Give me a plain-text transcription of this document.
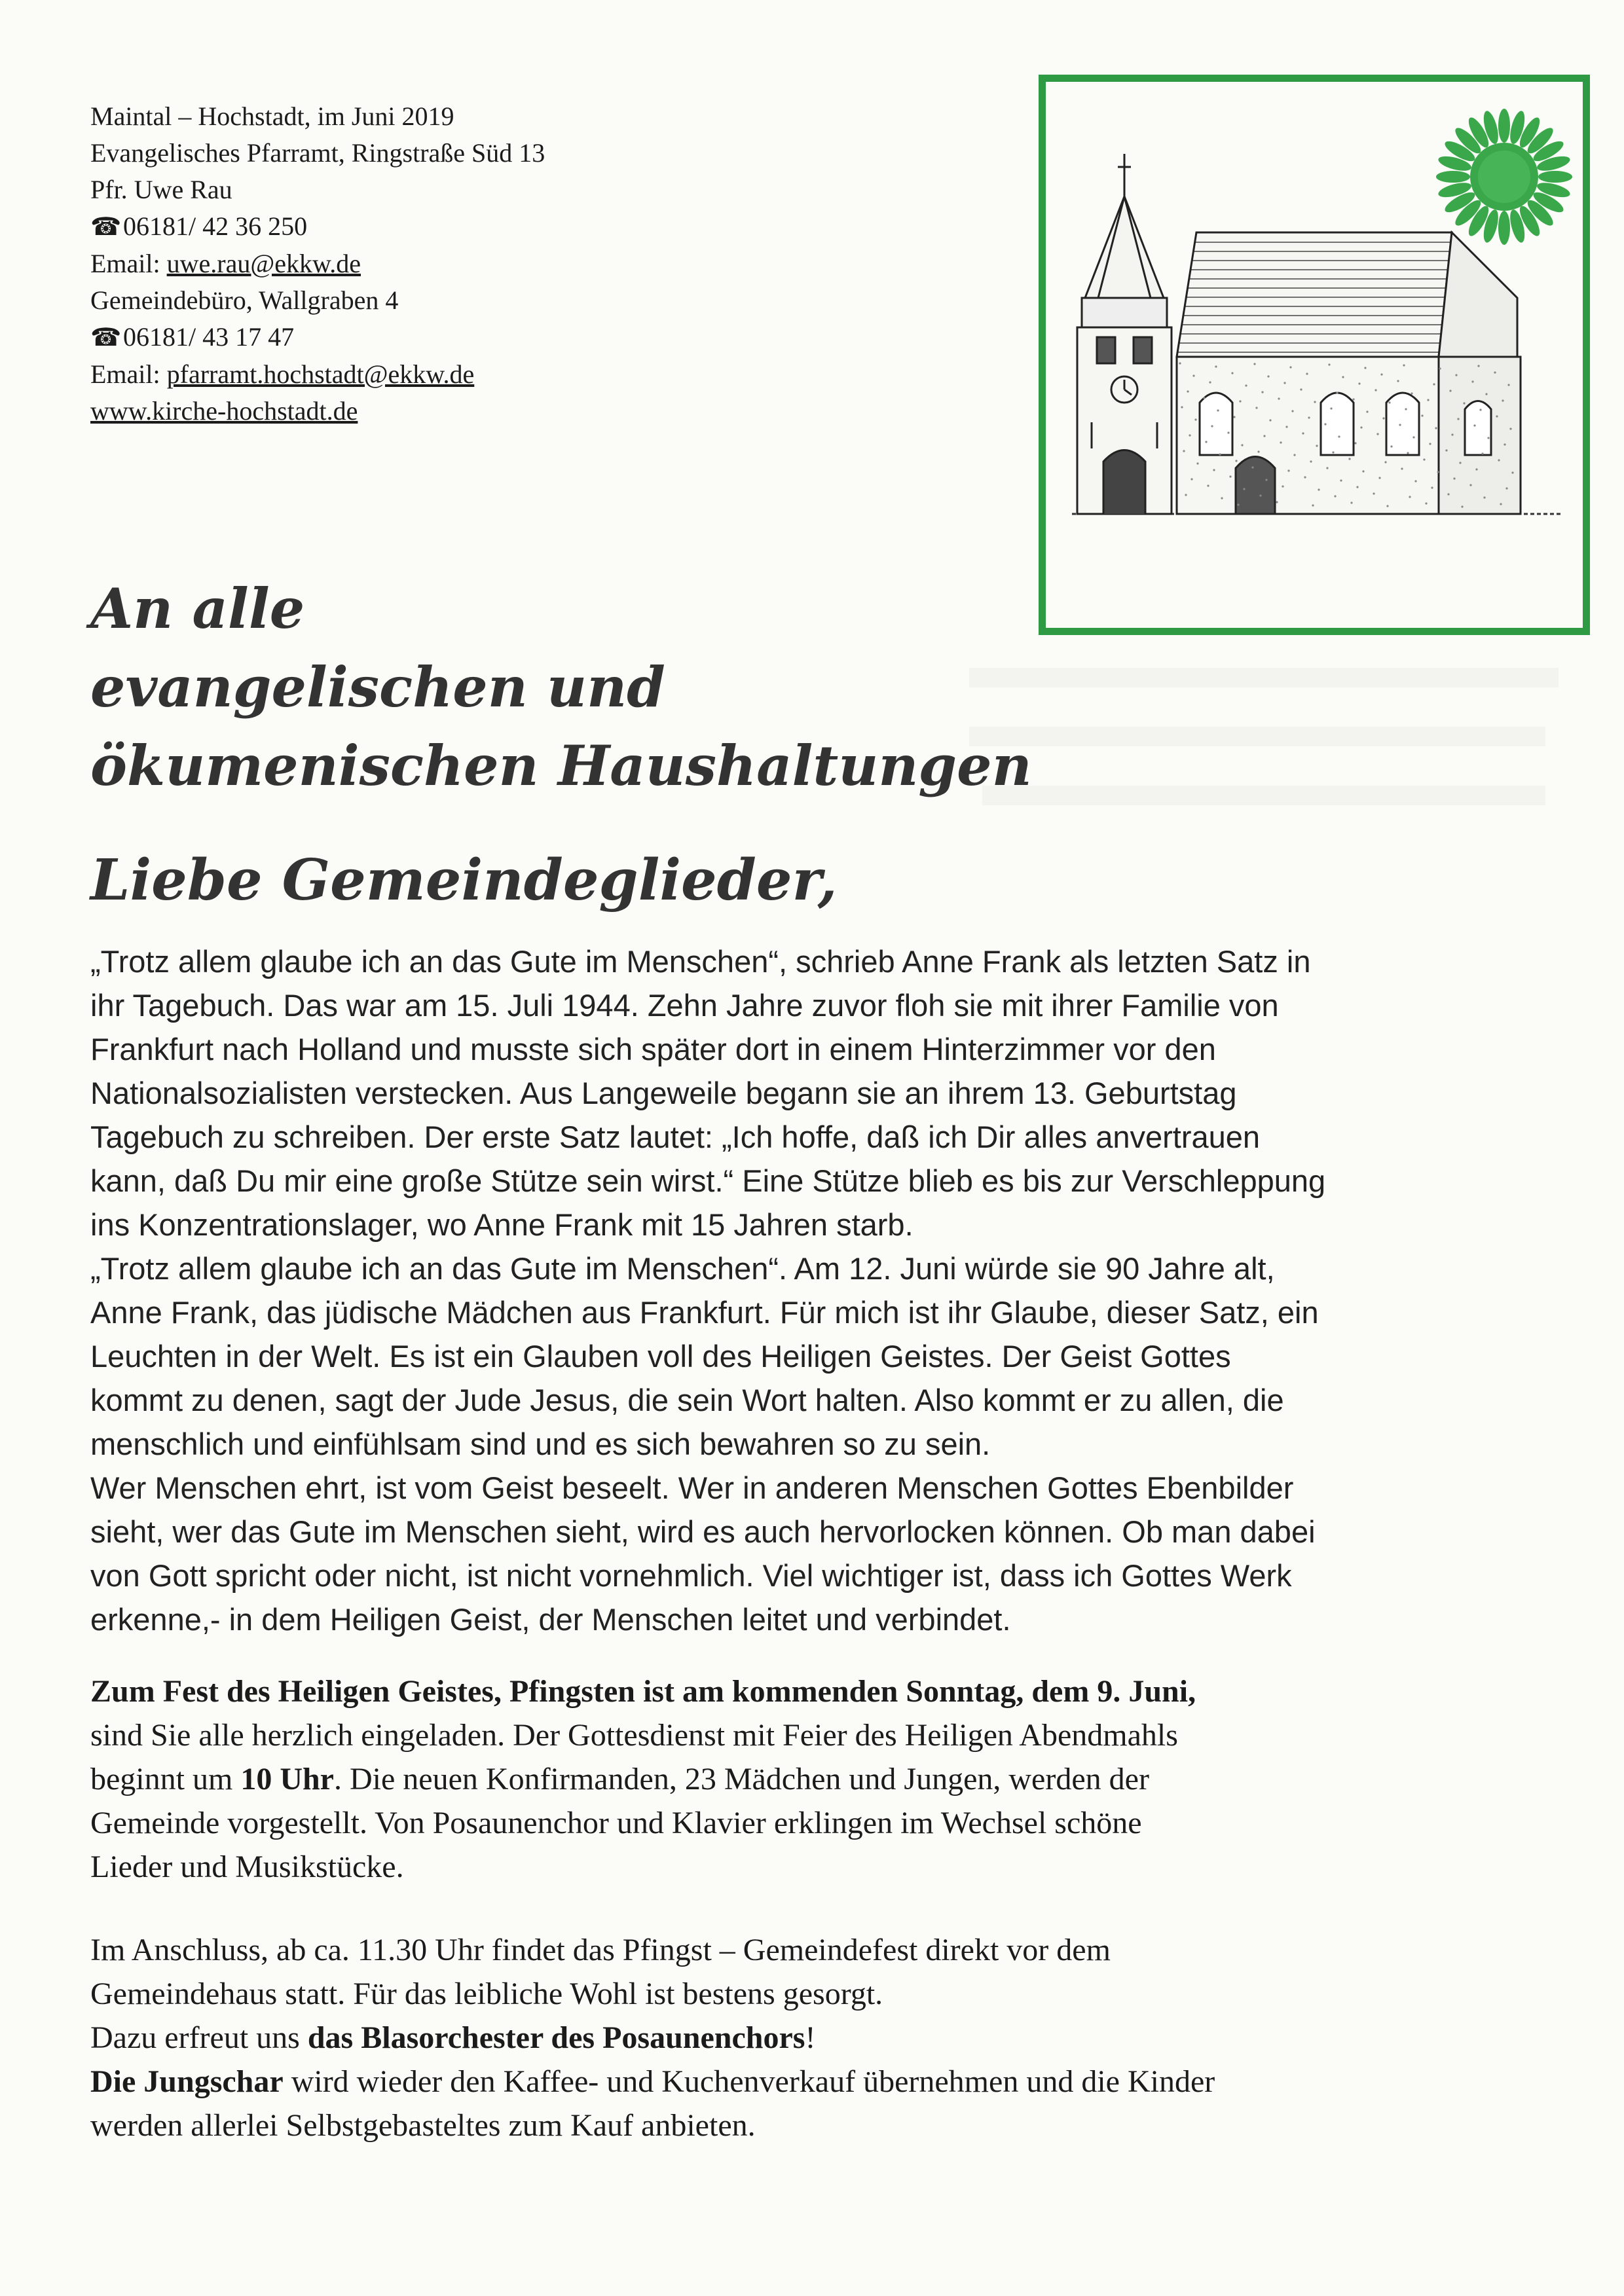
Maintal – Hochstadt, im Juni 2019
Evangelisches Pfarramt, Ringstraße Süd 13
Pfr. Uwe Rau
☎06181/ 42 36 250
Email: uwe.rau@ekkw.de
Gemeindebüro, Wallgraben 4
☎06181/ 43 17 47
Email: pfarramt.hochstadt@ekkw.de
www.kirche-hochstadt.de
An alle
evangelischen und
ökumenischen Haushaltungen
Liebe Gemeindeglieder,

„Trotz allem glaube ich an das Gute im Menschen“, schrieb Anne Frank als letzten Satz in

ihr Tagebuch. Das war am 15. Juli 1944. Zehn Jahre zuvor floh sie mit ihrer Familie von

Frankfurt nach Holland und musste sich später dort in einem Hinterzimmer vor den

Nationalsozialisten verstecken. Aus Langeweile begann sie an ihrem 13. Geburtstag

Tagebuch zu schreiben. Der erste Satz lautet: „Ich hoffe, daß ich Dir alles anvertrauen

kann, daß Du mir eine große Stütze sein wirst.“ Eine Stütze blieb es bis zur Verschleppung

ins Konzentrationslager, wo Anne Frank mit 15 Jahren starb.

„Trotz allem glaube ich an das Gute im Menschen“. Am 12. Juni würde sie 90 Jahre alt,

Anne Frank, das jüdische Mädchen aus Frankfurt. Für mich ist ihr Glaube, dieser Satz, ein

Leuchten in der Welt. Es ist ein Glauben voll des Heiligen Geistes. Der Geist Gottes

kommt zu denen, sagt der Jude Jesus, die sein Wort halten. Also kommt er zu allen, die

menschlich und einfühlsam sind und es sich bewahren so zu sein.

Wer Menschen ehrt, ist vom Geist beseelt. Wer in anderen Menschen Gottes Ebenbilder

sieht, wer das Gute im Menschen sieht, wird es auch hervorlocken können. Ob man dabei

von Gott spricht oder nicht, ist nicht vornehmlich. Viel wichtiger ist, dass ich Gottes Werk

erkenne,- in dem Heiligen Geist, der Menschen leitet und verbindet.

Zum Fest des Heiligen Geistes, Pfingsten ist am kommenden Sonntag, dem 9. Juni,

sind Sie alle herzlich eingeladen. Der Gottesdienst mit Feier des Heiligen Abendmahls

beginnt um 10 Uhr. Die neuen Konfirmanden, 23 Mädchen und Jungen, werden der

Gemeinde vorgestellt. Von Posaunenchor und Klavier erklingen im Wechsel schöne

Lieder und Musikstücke.

Im Anschluss, ab ca. 11.30 Uhr findet das Pfingst – Gemeindefest direkt vor dem

Gemeindehaus statt. Für das leibliche Wohl ist bestens gesorgt.

Dazu erfreut uns das Blasorchester des Posaunenchors!

Die Jungschar wird wieder den Kaffee- und Kuchenverkauf übernehmen und die Kinder

werden allerlei Selbstgebasteltes zum Kauf anbieten.
